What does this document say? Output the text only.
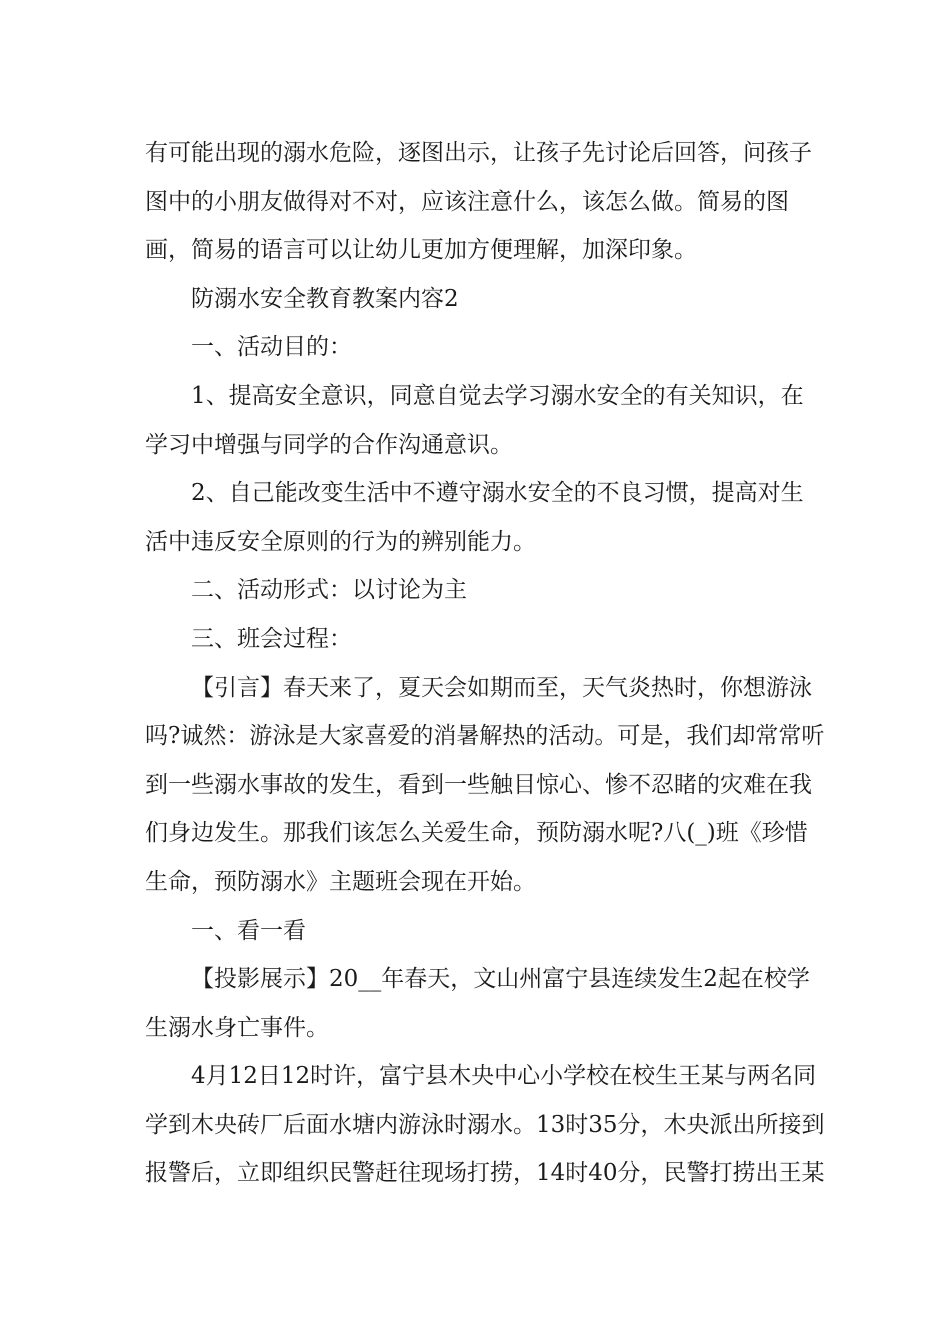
有可能出现的溺水危险，逐图出示，让孩子先讨论后回答，问孩子图中的小朋友做得对不对，应该注意什么，该怎么做。简易的图画，简易的语言可以让幼儿更加方便理解，加深印象。

防溺水安全教育教案内容2

一、活动目的：

1、提高安全意识，同意自觉去学习溺水安全的有关知识，在学习中增强与同学的合作沟通意识。

2、自己能改变生活中不遵守溺水安全的不良习惯，提高对生活中违反安全原则的行为的辨别能力。

二、活动形式：以讨论为主

三、班会过程：

【引言】春天来了，夏天会如期而至，天气炎热时，你想游泳吗?诚然：游泳是大家喜爱的消暑解热的活动。可是，我们却常常听到一些溺水事故的发生，看到一些触目惊心、惨不忍睹的灾难在我们身边发生。那我们该怎么关爱生命，预防溺水呢?八(_)班《珍惜生命，预防溺水》主题班会现在开始。

一、看一看

【投影展示】20__年春天，文山州富宁县连续发生2起在校学生溺水身亡事件。

4月12日12时许，富宁县木央中心小学校在校生王某与两名同学到木央砖厂后面水塘内游泳时溺水。13时35分，木央派出所接到报警后，立即组织民警赶往现场打捞，14时40分，民警打捞出王某
